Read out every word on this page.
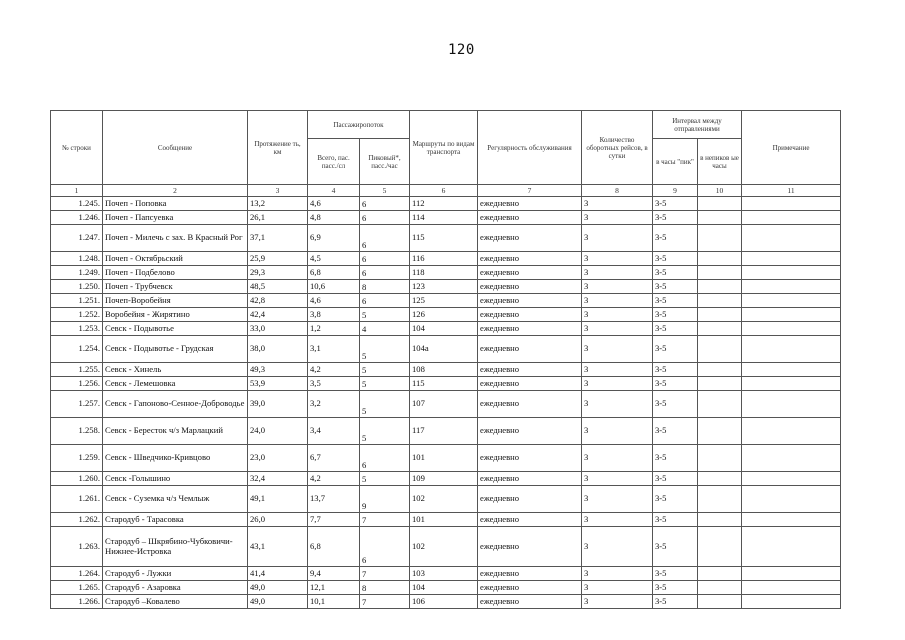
120
№ строки	Сообщение	Протяжение ть, км	Пассажиропоток		Маршруты по видам транспорта	Регулярность обслуживания	Количество оборотных рейсов, в сутки	Интервал между отправлениями		Примечание
			Всего, пас. пасс./сл	Пиковый*, пасс./час				в часы "пик"	в непиков ые часы	
1	2	3	4	5	6	7	8	9	10	11
1.245.	Почеп - Поповка	13,2	4,6	6	112	ежедневно	3	3-5		
1.246.	Почеп - Папсуевка	26,1	4,8	6	114	ежедневно	3	3-5		
1.247.	Почеп - Милечь с зах. В Красный Рог	37,1	6,9	6	115	ежедневно	3	3-5		
1.248.	Почеп - Октябрьский	25,9	4,5	6	116	ежедневно	3	3-5		
1.249.	Почеп - Подбелово	29,3	6,8	6	118	ежедневно	3	3-5		
1.250.	Почеп - Трубчевск	48,5	10,6	8	123	ежедневно	3	3-5		
1.251.	Почеп-Воробейня	42,8	4,6	6	125	ежедневно	3	3-5		
1.252.	Воробейня - Жирятино	42,4	3,8	5	126	ежедневно	3	3-5		
1.253.	Севск - Подывотье	33,0	1,2	4	104	ежедневно	3	3-5		
1.254.	Севск - Подывотье - Грудская	38,0	3,1	5	104а	ежедневно	3	3-5		
1.255.	Севск - Хинель	49,3	4,2	5	108	ежедневно	3	3-5		
1.256.	Севск - Лемешовка	53,9	3,5	5	115	ежедневно	3	3-5		
1.257.	Севск - Гапоново-Сенное-Доброводье	39,0	3,2	5	107	ежедневно	3	3-5		
1.258.	Севск - Бересток ч/з Марлацкий	24,0	3,4	5	117	ежедневно	3	3-5		
1.259.	Севск - Шведчико-Кривцово	23,0	6,7	6	101	ежедневно	3	3-5		
1.260.	Севск -Голышино	32,4	4,2	5	109	ежедневно	3	3-5		
1.261.	Севск - Суземка ч/з Чемлыж	49,1	13,7	9	102	ежедневно	3	3-5		
1.262.	Стародуб - Тарасовка	26,0	7,7	7	101	ежедневно	3	3-5		
1.263.	Стародуб – Шкрябино-Чубковичи-Нижнее-Истровка	43,1	6,8	6	102	ежедневно	3	3-5		
1.264.	Стародуб - Лужки	41,4	9,4	7	103	ежедневно	3	3-5		
1.265.	Стародуб - Азаровка	49,0	12,1	8	104	ежедневно	3	3-5		
1.266.	Стародуб –Ковалево	49,0	10,1	7	106	ежедневно	3	3-5		
